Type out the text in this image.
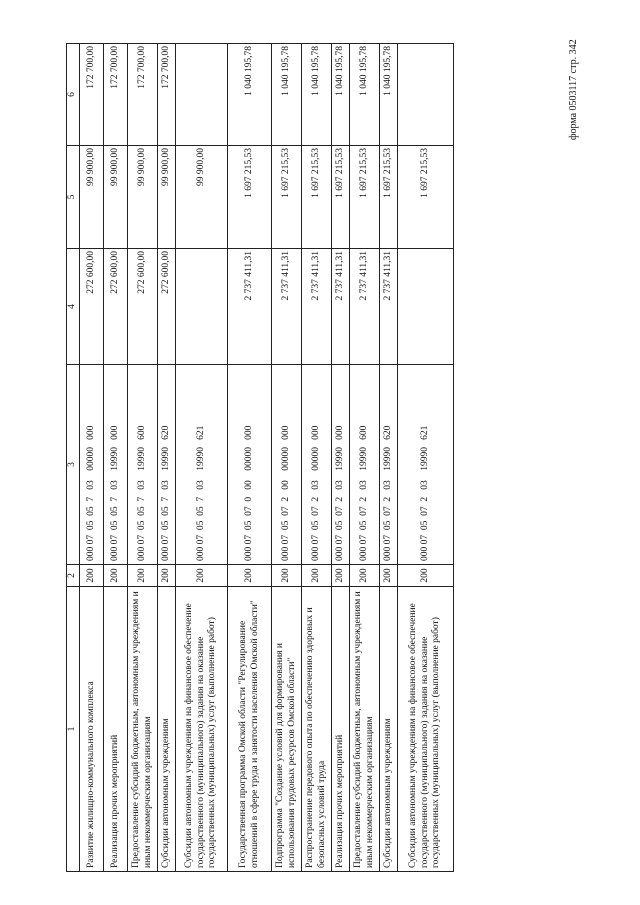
форма 0503117 стр. 342
1	2	3	4	5	6
Развитие жилищно-коммунального комплекса	200	000 07  05  05  7   03    00000   000	272 600,00	99 900,00	172 700,00
Реализация прочих мероприятий	200	000 07  05  05  7   03    19990   000	272 600,00	99 900,00	172 700,00
Предоставление субсидий бюджетным, автономным учреждениям и иным некоммерческим организациям	200	000 07  05  05  7   03    19990   600	272 600,00	99 900,00	172 700,00
Субсидии автономным учреждениям	200	000 07  05  05  7   03    19990   620	272 600,00	99 900,00	172 700,00
Субсидии автономным учреждениям на финансовое обеспечение государственного (муниципального) задания на оказание государственных (муниципальных) услуг (выполнение работ)	200	000 07  05  05  7   03    19990   621		99 900,00	
Государственная программа Омской области "Регулирование отношений в сфере труда и занятости населения Омской области"	200	000 07  05  07  0   00    00000   000	2 737 411,31	1 697 215,53	1 040 195,78
Подпрограмма "Создание условий для формирования и использования трудовых ресурсов Омской области"	200	000 07  05  07  2   00    00000   000	2 737 411,31	1 697 215,53	1 040 195,78
Распространение передового опыта по обеспечению здоровых и безопасных условий труда	200	000 07  05  07  2   03    00000   000	2 737 411,31	1 697 215,53	1 040 195,78
Реализация прочих мероприятий	200	000 07  05  07  2   03    19990   000	2 737 411,31	1 697 215,53	1 040 195,78
Предоставление субсидий бюджетным, автономным учреждениям и иным некоммерческим организациям	200	000 07  05  07  2   03    19990   600	2 737 411,31	1 697 215,53	1 040 195,78
Субсидии автономным учреждениям	200	000 07  05  07  2   03    19990   620	2 737 411,31	1 697 215,53	1 040 195,78
Субсидии автономным учреждениям на финансовое обеспечение государственного (муниципального) задания на оказание государственных (муниципальных) услуг (выполнение работ)	200	000 07  05  07  2   03    19990   621		1 697 215,53	
